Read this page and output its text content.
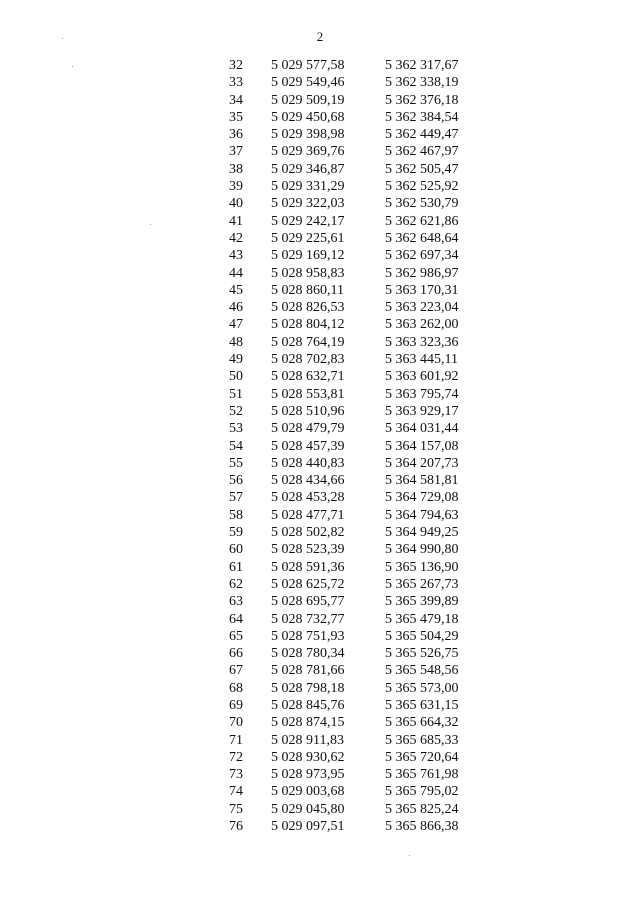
2
32 5 029 577,58	5 362 317,67
33 5 029 549,46	5 362 338,19
34 5 029 509,19	5 362 376,18
35 5 029 450,68	5 362 384,54
36 5 029 398,98	5 362 449,47
37 5 029 369,76	5 362 467,97
38 5 029 346,87	5 362 505,47
39 5 029 331,29	5 362 525,92
40 5 029 322,03	5 362 530,79
41 5 029 242,17	5 362 621,86
42 5 029 225,61	5 362 648,64
43 5 029 169,12	5 362 697,34
44 5 028 958,83	5 362 986,97
45 5 028 860,11	5 363 170,31
46 5 028 826,53	5 363 223,04
47 5 028 804,12	5 363 262,00
48 5 028 764,19	5 363 323,36
49 5 028 702,83	5 363 445,11
50 5 028 632,71	5 363 601,92
51 5 028 553,81	5 363 795,74
52 5 028 510,96	5 363 929,17
53 5 028 479,79	5 364 031,44
54 5 028 457,39	5 364 157,08
55 5 028 440,83	5 364 207,73
56 5 028 434,66	5 364 581,81
57 5 028 453,28	5 364 729,08
58 5 028 477,71	5 364 794,63
59 5 028 502,82	5 364 949,25
60 5 028 523,39	5 364 990,80
61 5 028 591,36	5 365 136,90
62 5 028 625,72	5 365 267,73
63 5 028 695,77	5 365 399,89
64 5 028 732,77	5 365 479,18
65 5 028 751,93	5 365 504,29
66 5 028 780,34	5 365 526,75
67 5 028 781,66	5 365 548,56
68 5 028 798,18	5 365 573,00
69 5 028 845,76	5 365 631,15
70 5 028 874,15	5 365 664,32
71 5 028 911,83	5 365 685,33
72 5 028 930,62	5 365 720,64
73 5 028 973,95	5 365 761,98
74 5 029 003,68	5 365 795,02
75 5 029 045,80	5 365 825,24
76 5 029 097,51	5 365 866,38
